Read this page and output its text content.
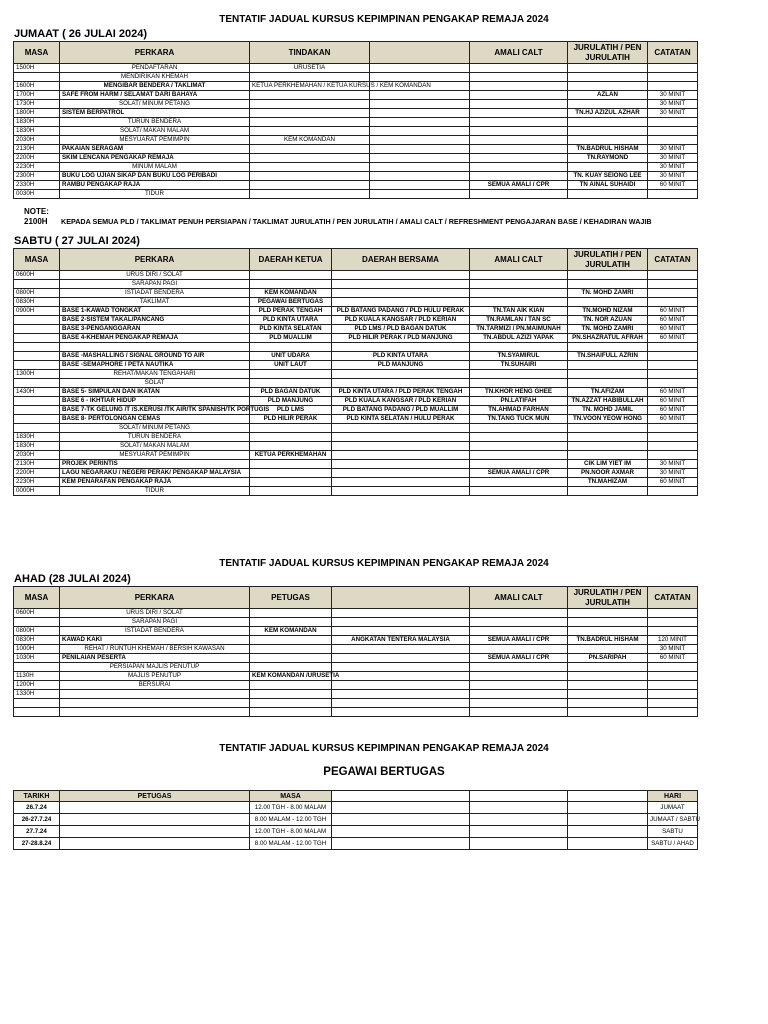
TENTATIF JADUAL KURSUS KEPIMPINAN PENGAKAP REMAJA 2024
JUMAAT ( 26 JULAI 2024)
MASA	PERKARA	TINDAKAN		AMALI CALT	JURULATIH / PEN JURULATIH	CATATAN
1500H	PENDAFTARAN	URUSETIA				
	MENDIRIKAN KHEMAH					
1600H	MENGIBAR BENDERA / TAKLIMAT	KETUA PERKHEMAHAN / KETUA KURSUS / KEM KOMANDAN				
1700H	SAFE FROM HARM / SELAMAT DARI BAHAYA				AZLAN	30 MINIT
1730H	SOLAT/ MINUM PETANG					30 MINIT
1800H	SISTEM BERPATROL				TN.HJ AZIZUL AZHAR	30 MINIT
1830H	TURUN BENDERA					
1830H	SOLAT/ MAKAN MALAM					
2030H	MESYUARAT PEMIMPIN	KEM KOMANDAN				
2130H	PAKAIAN SERAGAM				TN.BADRUL HISHAM	30 MINIT
2200H	SKIM LENCANA PENGAKAP REMAJA				TN.RAYMOND	30 MINIT
2230H	MINUM MALAM					30 MINIT
2300H	BUKU LOG UJIAN SIKAP DAN BUKU LOG PERIBADI				TN. KUAY SEIONG LEE	30 MINIT
2330H	RAMBU PENGAKAP RAJA			SEMUA AMALI / CPR	TN AINAL SUHAIDI	60 MINIT
0030H	TIDUR					
NOTE:
2100H KEPADA SEMUA PLD / TAKLIMAT PENUH PERSIAPAN / TAKLIMAT JURULATIH / PEN JURULATIH / AMALI CALT / REFRESHMENT PENGAJARAN BASE / KEHADIRAN WAJIB
SABTU ( 27 JULAI 2024)
MASA	PERKARA	DAERAH KETUA	DAERAH BERSAMA	AMALI CALT	JURULATIH / PEN JURULATIH	CATATAN
0600H	URUS DIRI / SOLAT					
	SARAPAN PAGI					
0800H	ISTIADAT BENDERA	KEM KOMANDAN			TN. MOHD ZAMRI	
0830H	TAKLIMAT	PEGAWAI BERTUGAS				
0900H	BASE 1-KAWAD TONGKAT	PLD PERAK TENGAH	PLD BATANG PADANG / PLD HULU PERAK	TN.TAN AIK KIAN	TN.MOHD NIZAM	60 MINIT
	BASE 2-SISTEM TAKAL/PANCANG	PLD KINTA UTARA	PLD KUALA KANGSAR / PLD KERIAN	TN.RAMLAN / TAN SC	TN. NOR AZUAN	60 MINIT
	BASE 3-PENGANGGARAN	PLD KINTA SELATAN	PLD LMS / PLD BAGAN DATUK	TN.TARMIZI / PN.MAIMUNAH	TN. MOHD ZAMRI	60 MINIT
	BASE 4-KHEMAH PENGAKAP REMAJA	PLD MUALLIM	PLD HILIR PERAK / PLD MANJUNG	TN.ABDUL AZIZI YAPAK	PN.SHAZRATUL AFRAH	60 MINIT

	BASE -MASHALLING / SIGNAL GROUND TO AIR	UNIT UDARA	PLD KINTA UTARA	TN.SYAMIRUL	TN.SHAIFULL AZRIN	
	BASE -SEMAPHORE / PETA NAUTIKA	UNIT LAUT	PLD MANJUNG	TN.SUHAIRI		
1300H	REHAT/MAKAN TENGAHARI					
	SOLAT					
1430H	BASE 5- SIMPULAN DAN IKATAN	PLD BAGAN DATUK	PLD KINTA UTARA / PLD PERAK TENGAH	TN.KHOR HENG GHEE	TN.AFIZAM	60 MINIT
	BASE 6 - IKHTIAR HIDUP	PLD MANJUNG	PLD KUALA KANGSAR / PLD KERIAN	PN.LATIFAH	TN.AZZAT HABIBULLAH	60 MINIT
	BASE 7-TK GELUNG /T /S.KERUSI /TK AIR/TK SPANISH/TK PORTUGIS	PLD LMS	PLD BATANG PADANG / PLD MUALLIM	TN.AHMAD FARHAN	TN. MOHD JAMIL	60 MINIT
	BASE 8- PERTOLONGAN CEMAS	PLD HILIR PERAK	PLD KINTA SELATAN / HULU PERAK	TN.TANG TUCK MUN	TN.VOON YEOW HONG	60 MINIT
	SOLAT/ MINUM PETANG					
1830H	TURUN BENDERA					
1830H	SOLAT/ MAKAN MALAM					
2030H	MESYUARAT PEMIMPIN	KETUA PERKHEMAHAN				
2130H	PROJEK PERINTIS				CIK LIM YIET IM	30 MINIT
2200H	LAGU NEGARAKU / NEGERI PERAK/ PENGAKAP MALAYSIA			SEMUA AMALI / CPR	PN.NOOR AXMAR	30 MINIT
2230H	KEM PENARAFAN PENGAKAP RAJA				TN.MAHIZAM	60 MINIT
0000H	TIDUR					
TENTATIF JADUAL KURSUS KEPIMPINAN PENGAKAP REMAJA 2024
AHAD (28 JULAI 2024)
MASA	PERKARA	PETUGAS		AMALI CALT	JURULATIH / PEN JURULATIH	CATATAN
0600H	URUS DIRI / SOLAT					
	SARAPAN PAGI					
0800H	ISTIADAT BENDERA	KEM KOMANDAN				
0830H	KAWAD KAKI		ANGKATAN TENTERA MALAYSIA	SEMUA AMALI / CPR	TN.BADRUL HISHAM	120 MINIT
1000H	REHAT / RUNTUH KHEMAH / BERSIH KAWASAN					30 MINIT
1030H	PENILAIAN PESERTA			SEMUA AMALI / CPR	PN.SARIPAH	60 MINIT
	PERSIAPAN MAJLIS PENUTUP					
1130H	MAJLIS PENUTUP	KEM KOMANDAN /URUSETIA				
1200H	BERSURAI					
1330H						

TENTATIF JADUAL KURSUS KEPIMPINAN PENGAKAP REMAJA 2024
PEGAWAI BERTUGAS
TARIKH	PETUGAS	MASA				HARI
26.7.24		12.00 TGH - 8.00 MALAM				JUMAAT
26-27.7.24		8.00 MALAM - 12.00 TGH				JUMAAT / SABTU
27.7.24		12.00 TGH - 8.00 MALAM				SABTU
27-28.8.24		8.00 MALAM - 12.00 TGH				SABTU / AHAD
